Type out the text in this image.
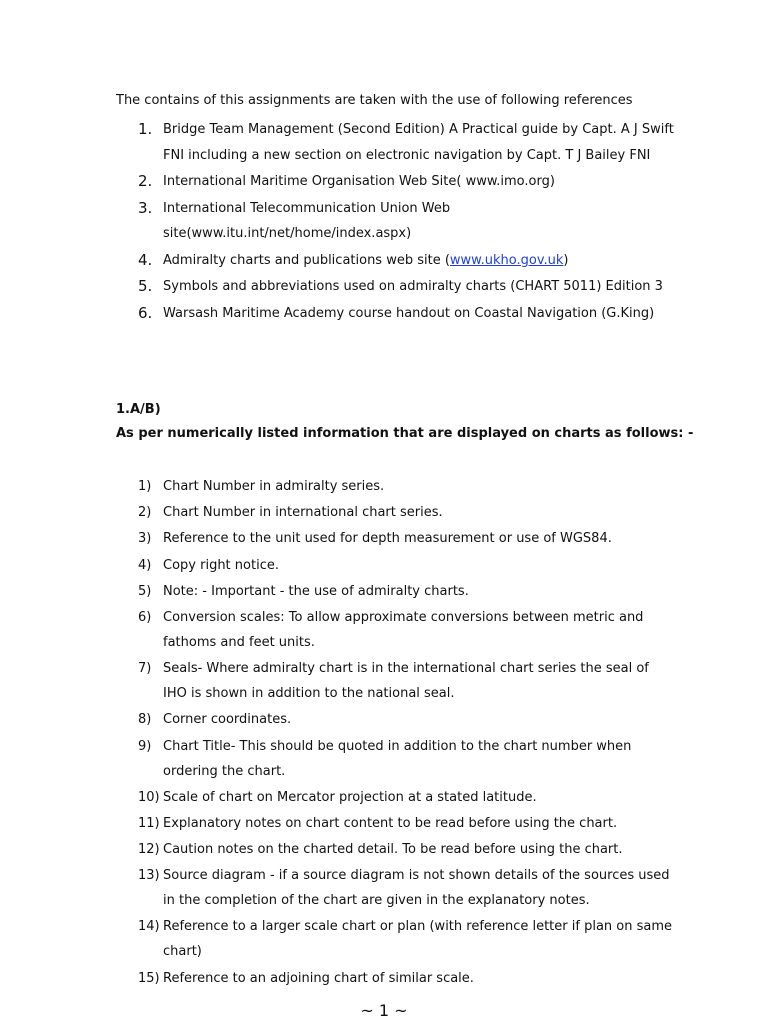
The contains of this assignments are taken with the use of following references
1. Bridge Team Management (Second Edition) A Practical guide by Capt. A J Swift FNI including a new section on electronic navigation by Capt. T J Bailey FNI
2. International Maritime Organisation Web Site( www.imo.org)
3. International Telecommunication Union Web site(www.itu.int/net/home/index.aspx)
4. Admiralty charts and publications web site (www.ukho.gov.uk)
5. Symbols and abbreviations used on admiralty charts (CHART 5011) Edition 3
6. Warsash Maritime Academy course handout on Coastal Navigation (G.King)
1.A/B)
As per numerically listed information that are displayed on charts as follows: -
1) Chart Number in admiralty series.
2) Chart Number in international chart series.
3) Reference to the unit used for depth measurement or use of WGS84.
4) Copy right notice.
5) Note: - Important - the use of admiralty charts.
6) Conversion scales: To allow approximate conversions between metric and fathoms and feet units.
7) Seals- Where admiralty chart is in the international chart series the seal of IHO is shown in addition to the national seal.
8) Corner coordinates.
9) Chart Title- This should be quoted in addition to the chart number when ordering the chart.
10) Scale of chart on Mercator projection at a stated latitude.
11) Explanatory notes on chart content to be read before using the chart.
12) Caution notes on the charted detail. To be read before using the chart.
13) Source diagram - if a source diagram is not shown details of the sources used in the completion of the chart are given in the explanatory notes.
14) Reference to a larger scale chart or plan (with reference letter if plan on same chart)
15) Reference to an adjoining chart of similar scale.
~ 1 ~
